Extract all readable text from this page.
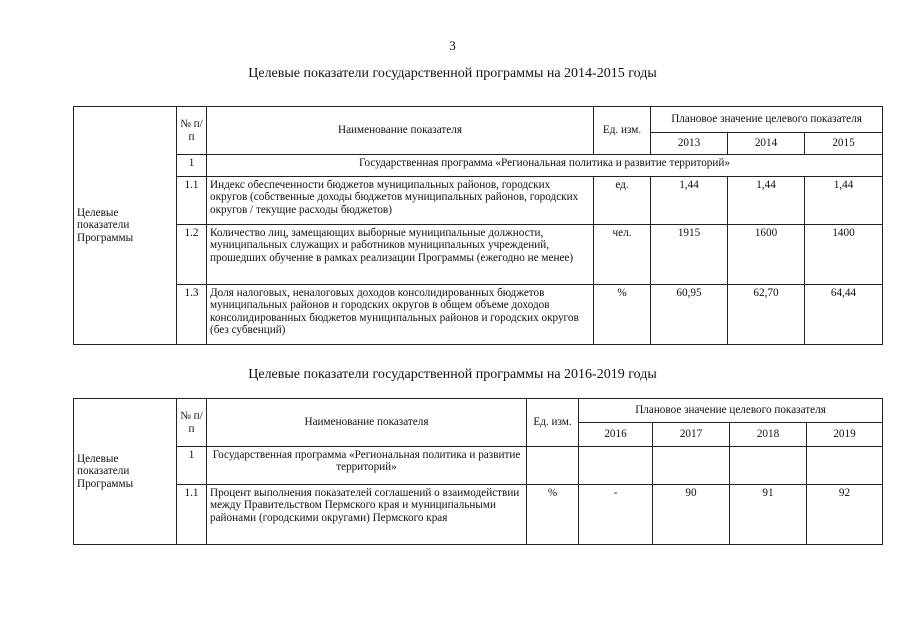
3
Целевые показатели государственной программы на 2014-2015 годы
Целевые показатели Программы	№ п/п	Наименование показателя	Ед. изм.	Плановое значение целевого показателя		
				2013	2014	2015
	1	Государственная программа «Региональная политика и развитие территорий»				
	1.1	Индекс обеспеченности бюджетов муниципальных районов, городских округов (собственные доходы бюджетов муниципальных районов, городских округов / текущие расходы бюджетов)	ед.	1,44	1,44	1,44
	1.2	Количество лиц, замещающих выборные муниципальные должности, муниципальных служащих и работников муниципальных учреждений, прошедших обучение в рамках реализации Программы (ежегодно не менее)	чел.	1915	1600	1400
	1.3	Доля налоговых, неналоговых доходов консолидированных бюджетов муниципальных районов и городских округов в общем объеме доходов консолидированных бюджетов муниципальных районов и городских округов (без субвенций)	%	60,95	62,70	64,44
Целевые показатели государственной программы на 2016-2019 годы
Целевые показатели Программы	№ п/п	Наименование показателя	Ед. изм.	Плановое значение целевого показателя			
				2016	2017	2018	2019
	1	Государственная программа «Региональная политика и развитие территорий»					
	1.1	Процент выполнения показателей соглашений о взаимодействии между Правительством Пермского края и муниципальными районами (городскими округами) Пермского края	%	-	90	91	92
